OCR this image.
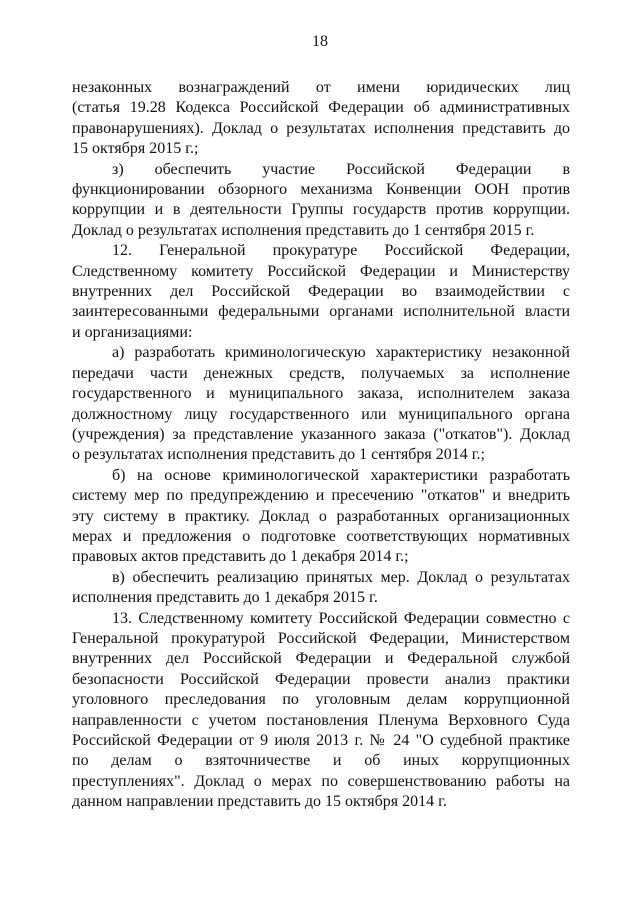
18
незаконных вознаграждений от имени юридических лиц
(статья 19.28 Кодекса Российской Федерации об административных
правонарушениях). Доклад о результатах исполнения представить до
15 октября 2015 г.;
з) обеспечить участие Российской Федерации в
функционировании обзорного механизма Конвенции ООН против
коррупции и в деятельности Группы государств против коррупции.
Доклад о результатах исполнения представить до 1 сентября 2015 г.
12. Генеральной прокуратуре Российской Федерации,
Следственному комитету Российской Федерации и Министерству
внутренних дел Российской Федерации во взаимодействии с
заинтересованными федеральными органами исполнительной власти
и организациями:
а) разработать криминологическую характеристику незаконной
передачи части денежных средств, получаемых за исполнение
государственного и муниципального заказа, исполнителем заказа
должностному лицу государственного или муниципального органа
(учреждения) за представление указанного заказа ("откатов"). Доклад
о результатах исполнения представить до 1 сентября 2014 г.;
б) на основе криминологической характеристики разработать
систему мер по предупреждению и пресечению "откатов" и внедрить
эту систему в практику. Доклад о разработанных организационных
мерах и предложения о подготовке соответствующих нормативных
правовых актов представить до 1 декабря 2014 г.;
в) обеспечить реализацию принятых мер. Доклад о результатах
исполнения представить до 1 декабря 2015 г.
13. Следственному комитету Российской Федерации совместно с
Генеральной прокуратурой Российской Федерации, Министерством
внутренних дел Российской Федерации и Федеральной службой
безопасности Российской Федерации провести анализ практики
уголовного преследования по уголовным делам коррупционной
направленности с учетом постановления Пленума Верховного Суда
Российской Федерации от 9 июля 2013 г. № 24 "О судебной практике
по делам о взяточничестве и об иных коррупционных
преступлениях". Доклад о мерах по совершенствованию работы на
данном направлении представить до 15 октября 2014 г.
